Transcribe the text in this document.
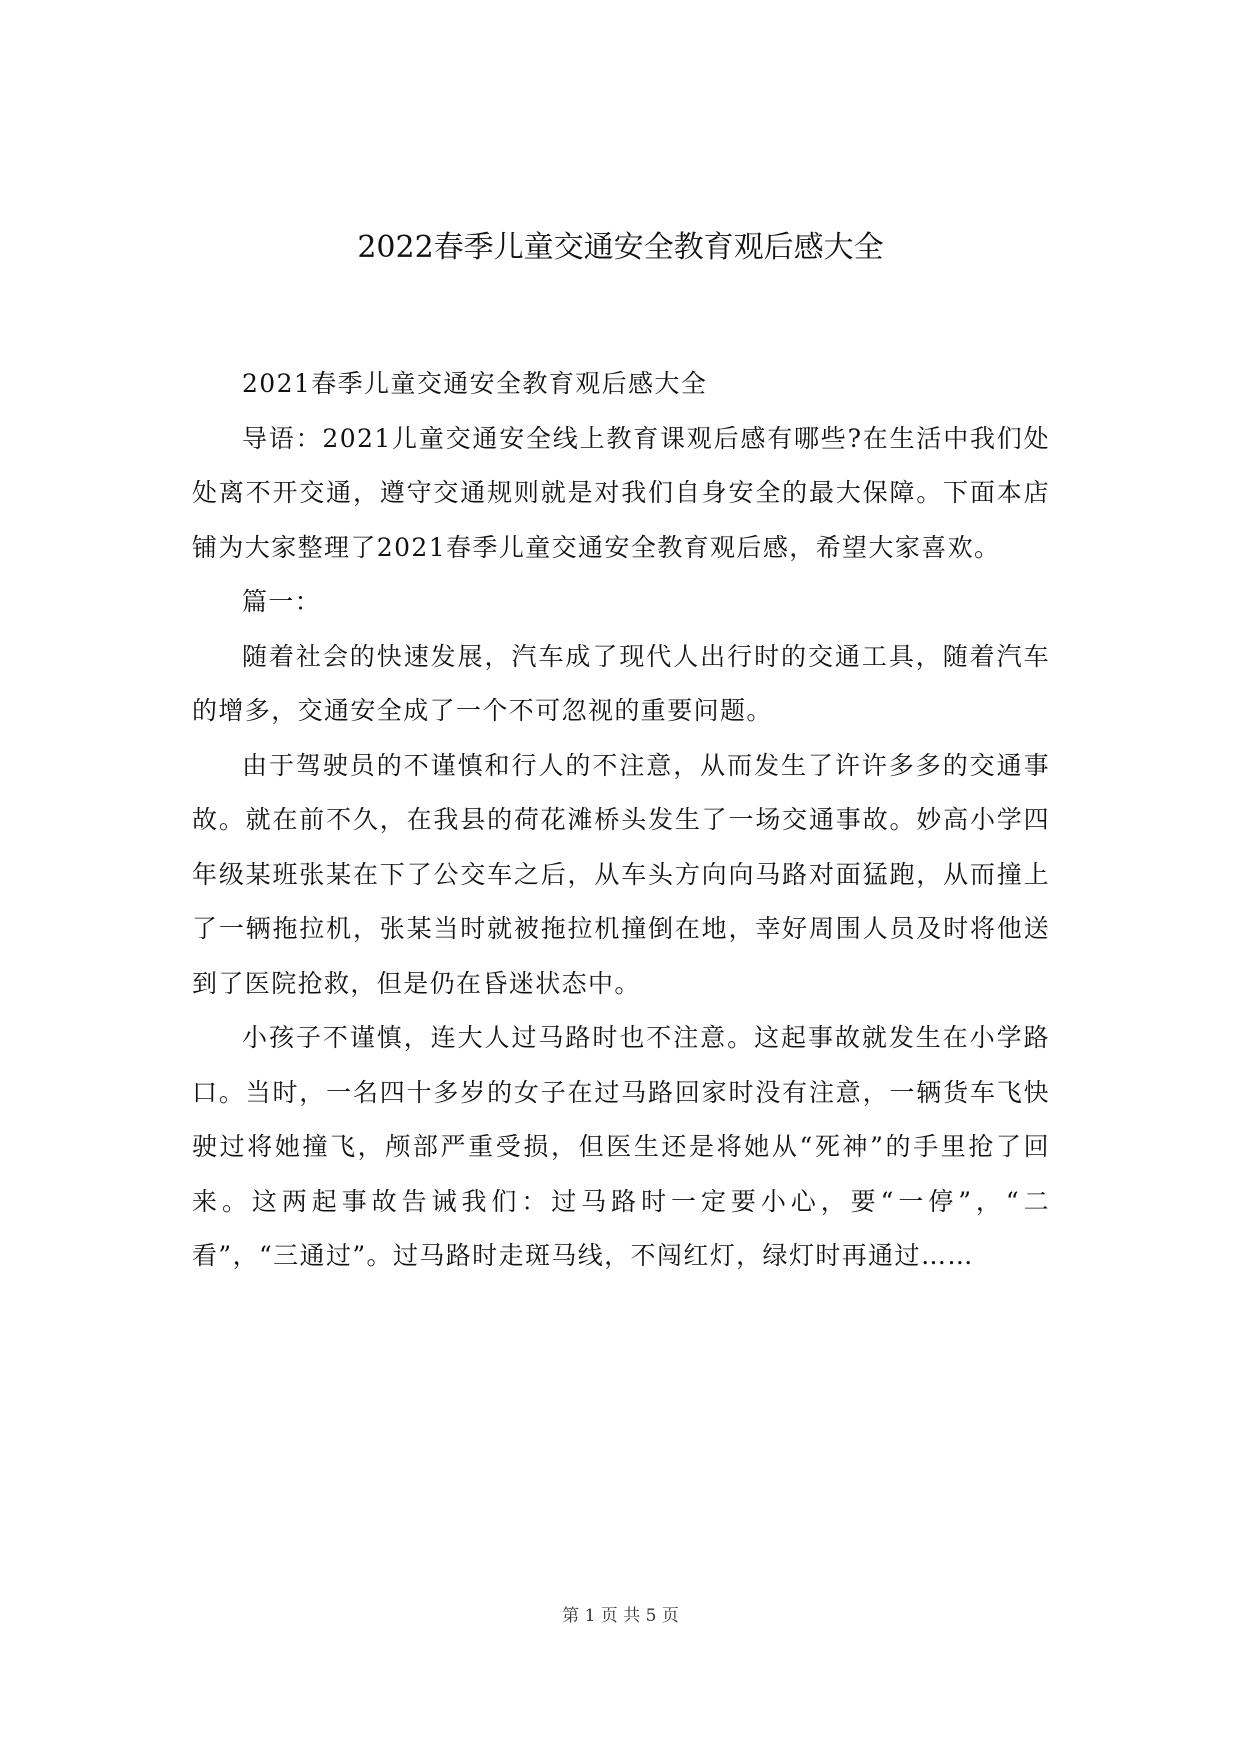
2022春季儿童交通安全教育观后感大全

2021春季儿童交通安全教育观后感大全

导语：2021儿童交通安全线上教育课观后感有哪些?在生活中我们处处离不开交通，遵守交通规则就是对我们自身安全的最大保障。下面本店铺为大家整理了2021春季儿童交通安全教育观后感，希望大家喜欢。

篇一：

随着社会的快速发展，汽车成了现代人出行时的交通工具，随着汽车的增多，交通安全成了一个不可忽视的重要问题。

由于驾驶员的不谨慎和行人的不注意，从而发生了许许多多的交通事故。就在前不久，在我县的荷花滩桥头发生了一场交通事故。妙高小学四年级某班张某在下了公交车之后，从车头方向向马路对面猛跑，从而撞上了一辆拖拉机，张某当时就被拖拉机撞倒在地，幸好周围人员及时将他送到了医院抢救，但是仍在昏迷状态中。

小孩子不谨慎，连大人过马路时也不注意。这起事故就发生在小学路口。当时，一名四十多岁的女子在过马路回家时没有注意，一辆货车飞快驶过将她撞飞，颅部严重受损，但医生还是将她从“死神”的手里抢了回来。这两起事故告诫我们：过马路时一定要小心，要“一停”，“二看”，“三通过”。过马路时走斑马线，不闯红灯，绿灯时再通过……

第 1 页 共 5 页
